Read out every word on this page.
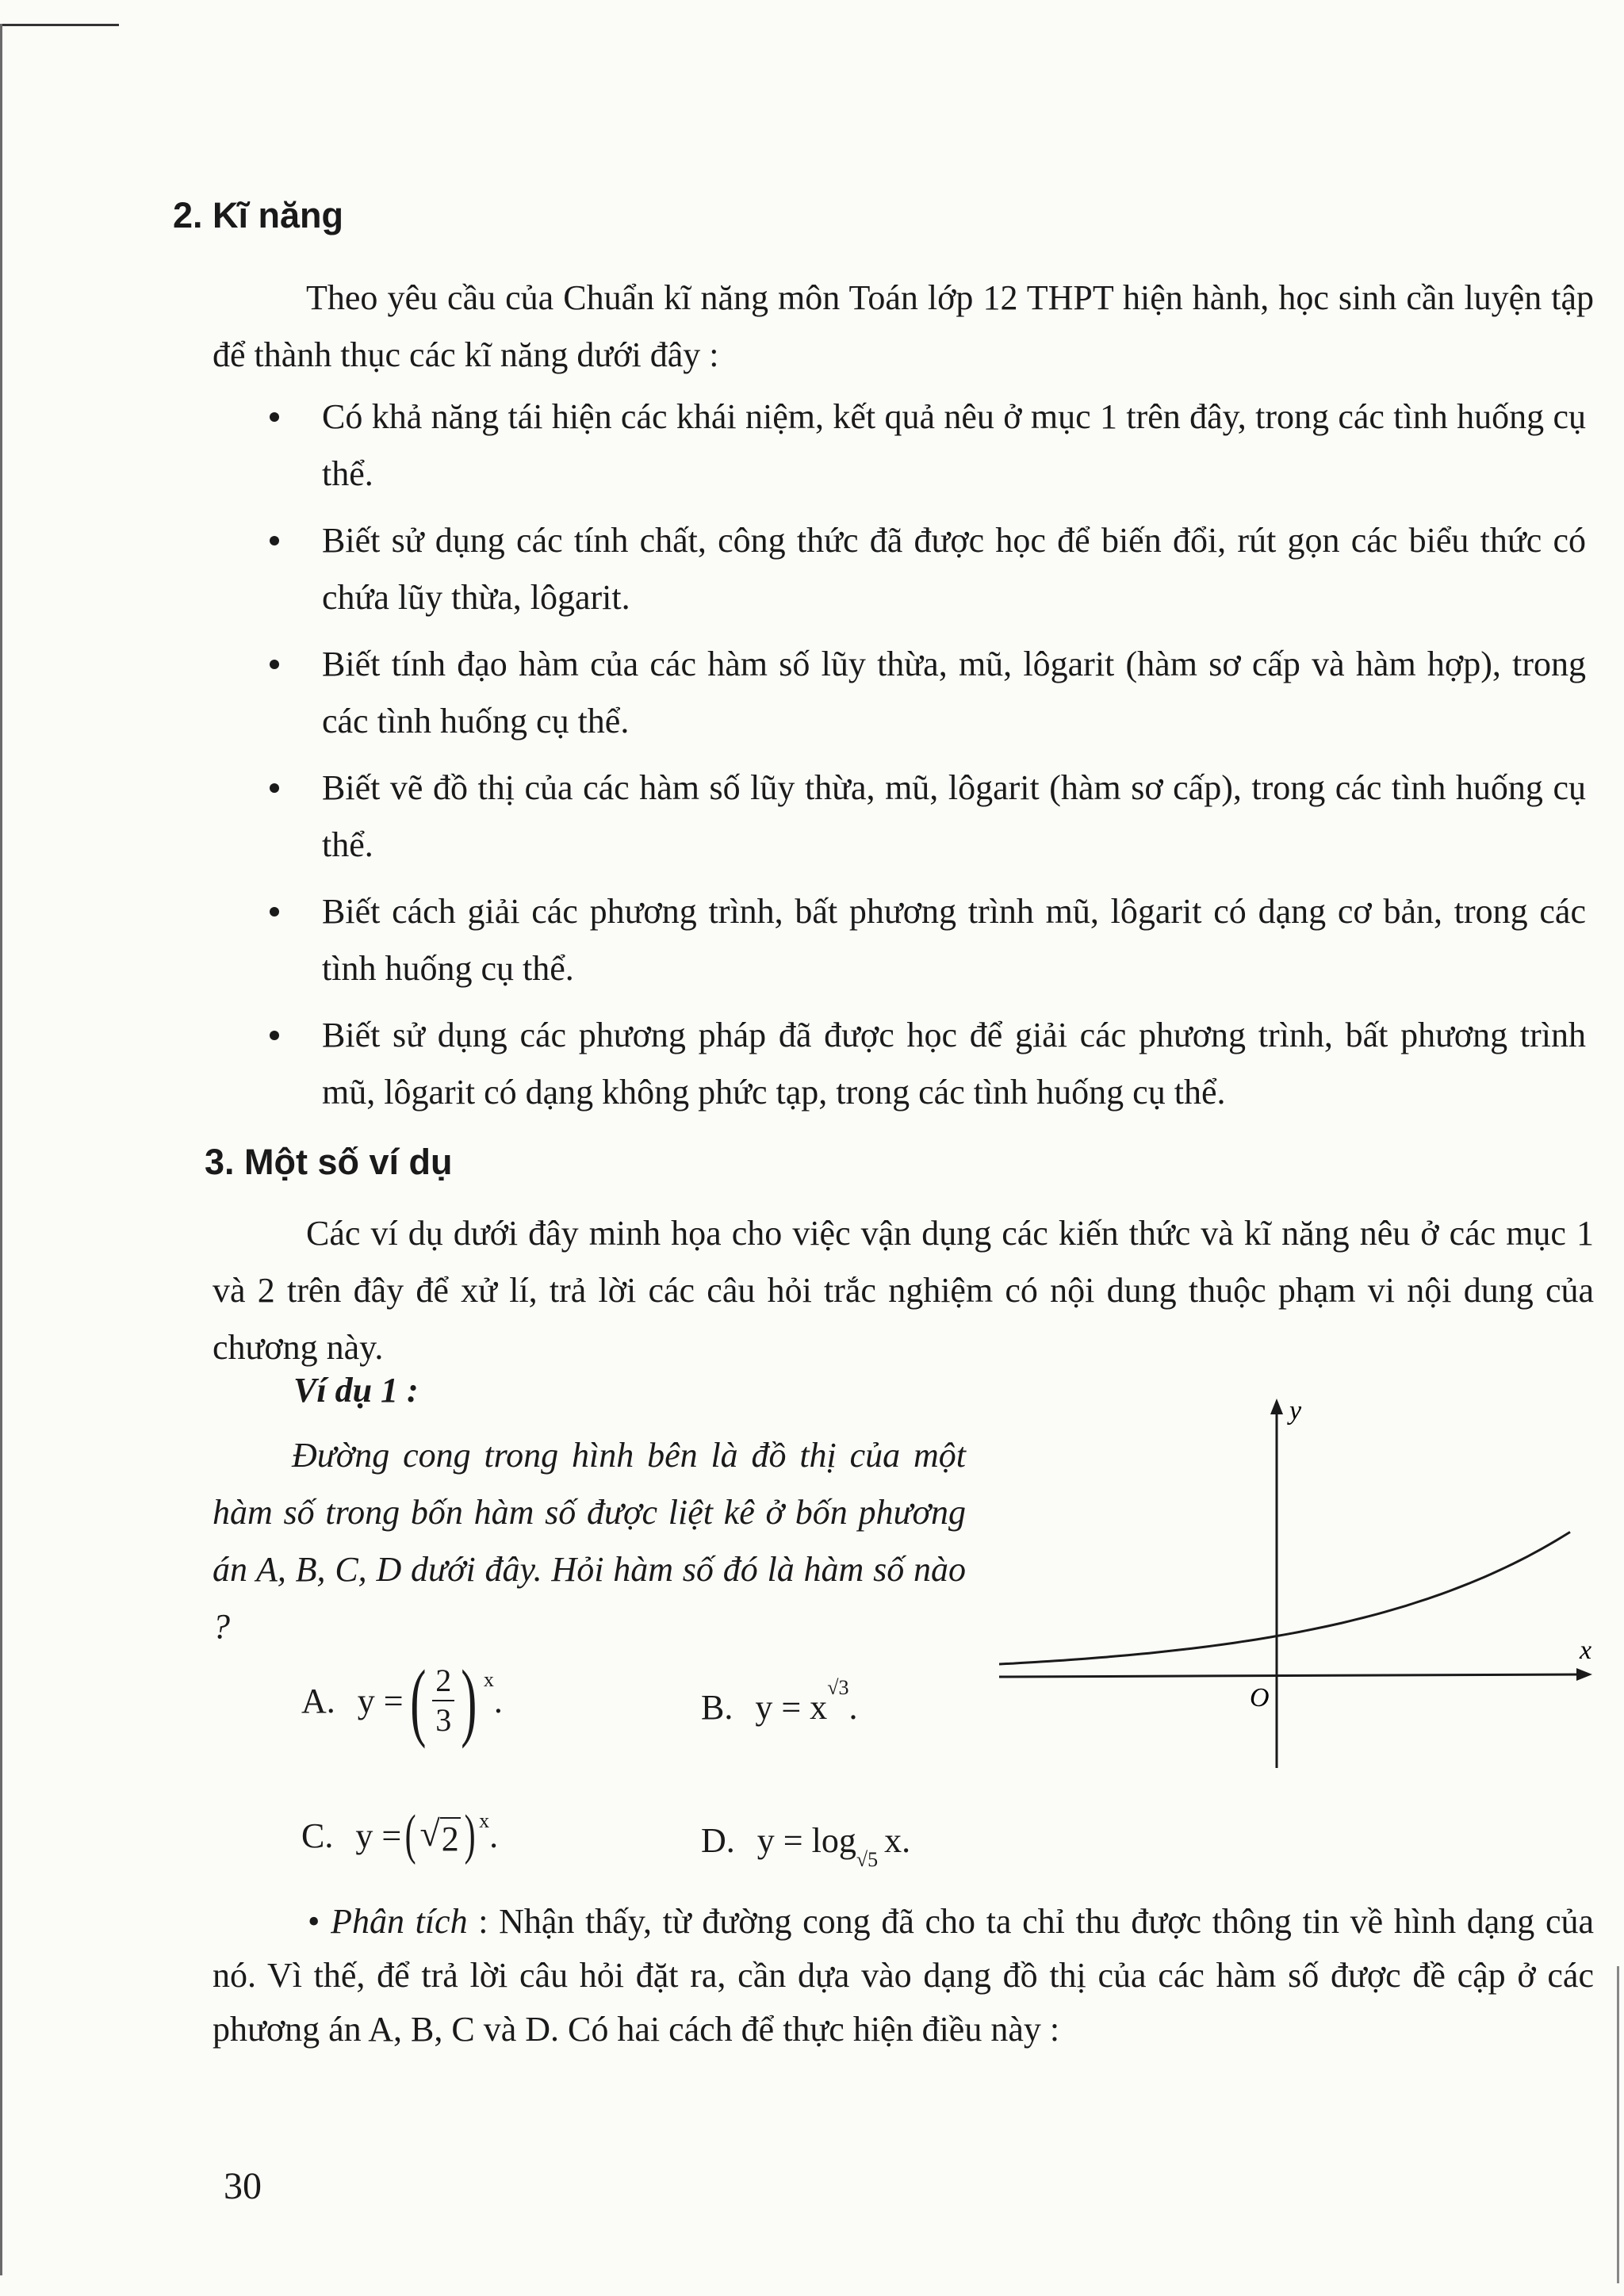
2. Kĩ năng

Theo yêu cầu của Chuẩn kĩ năng môn Toán lớp 12 THPT hiện hành, học sinh cần luyện tập để thành thục các kĩ năng dưới đây :

Có khả năng tái hiện các khái niệm, kết quả nêu ở mục 1 trên đây, trong các tình huống cụ thể.
Biết sử dụng các tính chất, công thức đã được học để biến đổi, rút gọn các biểu thức có chứa lũy thừa, lôgarit.
Biết tính đạo hàm của các hàm số lũy thừa, mũ, lôgarit (hàm sơ cấp và hàm hợp), trong các tình huống cụ thể.
Biết vẽ đồ thị của các hàm số lũy thừa, mũ, lôgarit (hàm sơ cấp), trong các tình huống cụ thể.
Biết cách giải các phương trình, bất phương trình mũ, lôgarit có dạng cơ bản, trong các tình huống cụ thể.
Biết sử dụng các phương pháp đã được học để giải các phương trình, bất phương trình mũ, lôgarit có dạng không phức tạp, trong các tình huống cụ thể.
3. Một số ví dụ

Các ví dụ dưới đây minh họa cho việc vận dụng các kiến thức và kĩ năng nêu ở các mục 1 và 2 trên đây để xử lí, trả lời các câu hỏi trắc nghiệm có nội dung thuộc phạm vi nội dung của chương này.

Ví dụ 1 :

Đường cong trong hình bên là đồ thị của một hàm số trong bốn hàm số được liệt kê ở bốn phương án A, B, C, D dưới đây. Hỏi hàm số đó là hàm số nào ?

A. y = ( $\frac{2}{3}$ ) $^x$
.	B. y = x
$^{√3}$
.
C. y = ( √ 2 )$^x$ .	D. $y = \log_{√5} x$.
x
y
O

• Phân tích : Nhận thấy, từ đường cong đã cho ta chỉ thu được thông tin về hình dạng của nó. Vì thế, để trả lời câu hỏi đặt ra, cần dựa vào dạng đồ thị của các hàm số được đề cập ở các phương án A, B, C và D. Có hai cách để thực hiện điều này :

30
